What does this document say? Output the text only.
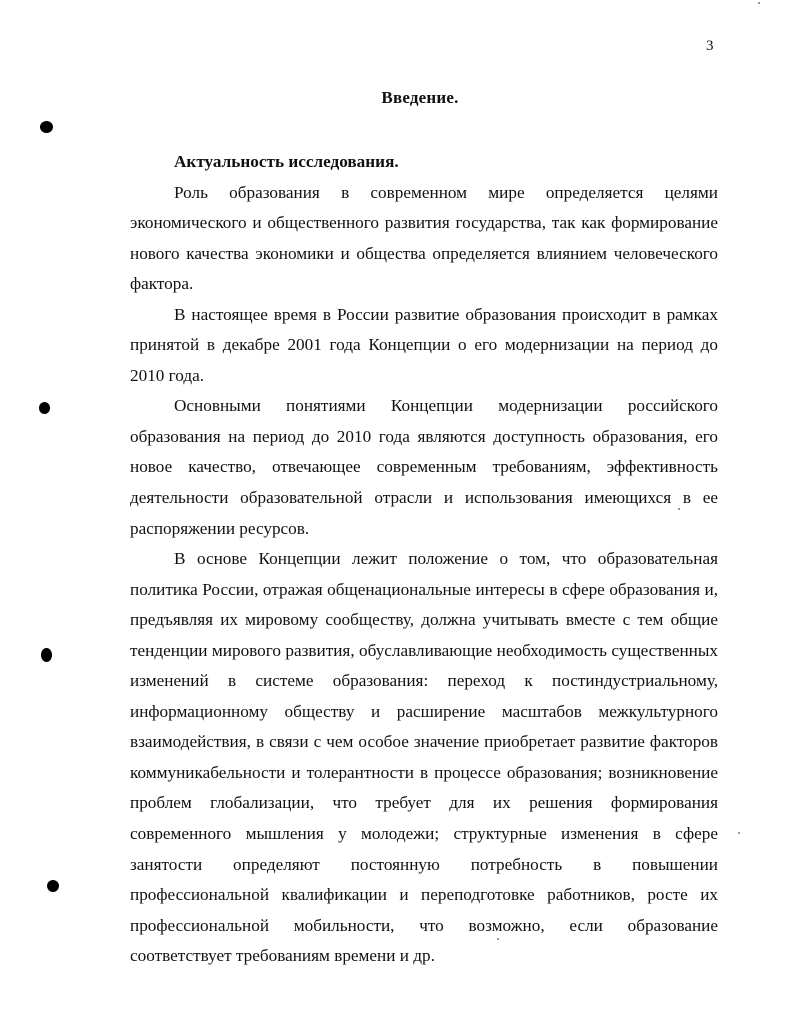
3
Введение.

Актуальность исследования.

Роль образования в современном мире определяется целями экономического и общественного развития государства, так как формирование нового качества экономики и общества определяется влиянием человеческого фактора.

В настоящее время в России развитие образования происходит в рамках принятой в декабре 2001 года Концепции о его модернизации на период до 2010 года.

Основными понятиями Концепции модернизации российского образования на период до 2010 года являются доступность образования, его новое качество, отвечающее современным требованиям, эффективность деятельности образовательной отрасли и использования имеющихся в ее распоряжении ресурсов.

В основе Концепции лежит положение о том, что образовательная политика России, отражая общенациональные интересы в сфере образования и, предъявляя их мировому сообществу, должна учитывать вместе с тем общие тенденции мирового развития, обуславливающие необходимость существенных изменений в системе образования: переход к постиндустриальному, информационному обществу и расширение масштабов межкультурного взаимодействия, в связи с чем особое значение приобретает развитие факторов коммуникабельности и толерантности в процессе образования; возникновение проблем глобализации, что требует для их решения формирования современного мышления у молодежи; структурные изменения в сфере занятости определяют постоянную потребность в повышении профессиональной квалификации и переподготовке работников, росте их профессиональной мобильности, что возможно, если образование соответствует требованиям времени и др.
